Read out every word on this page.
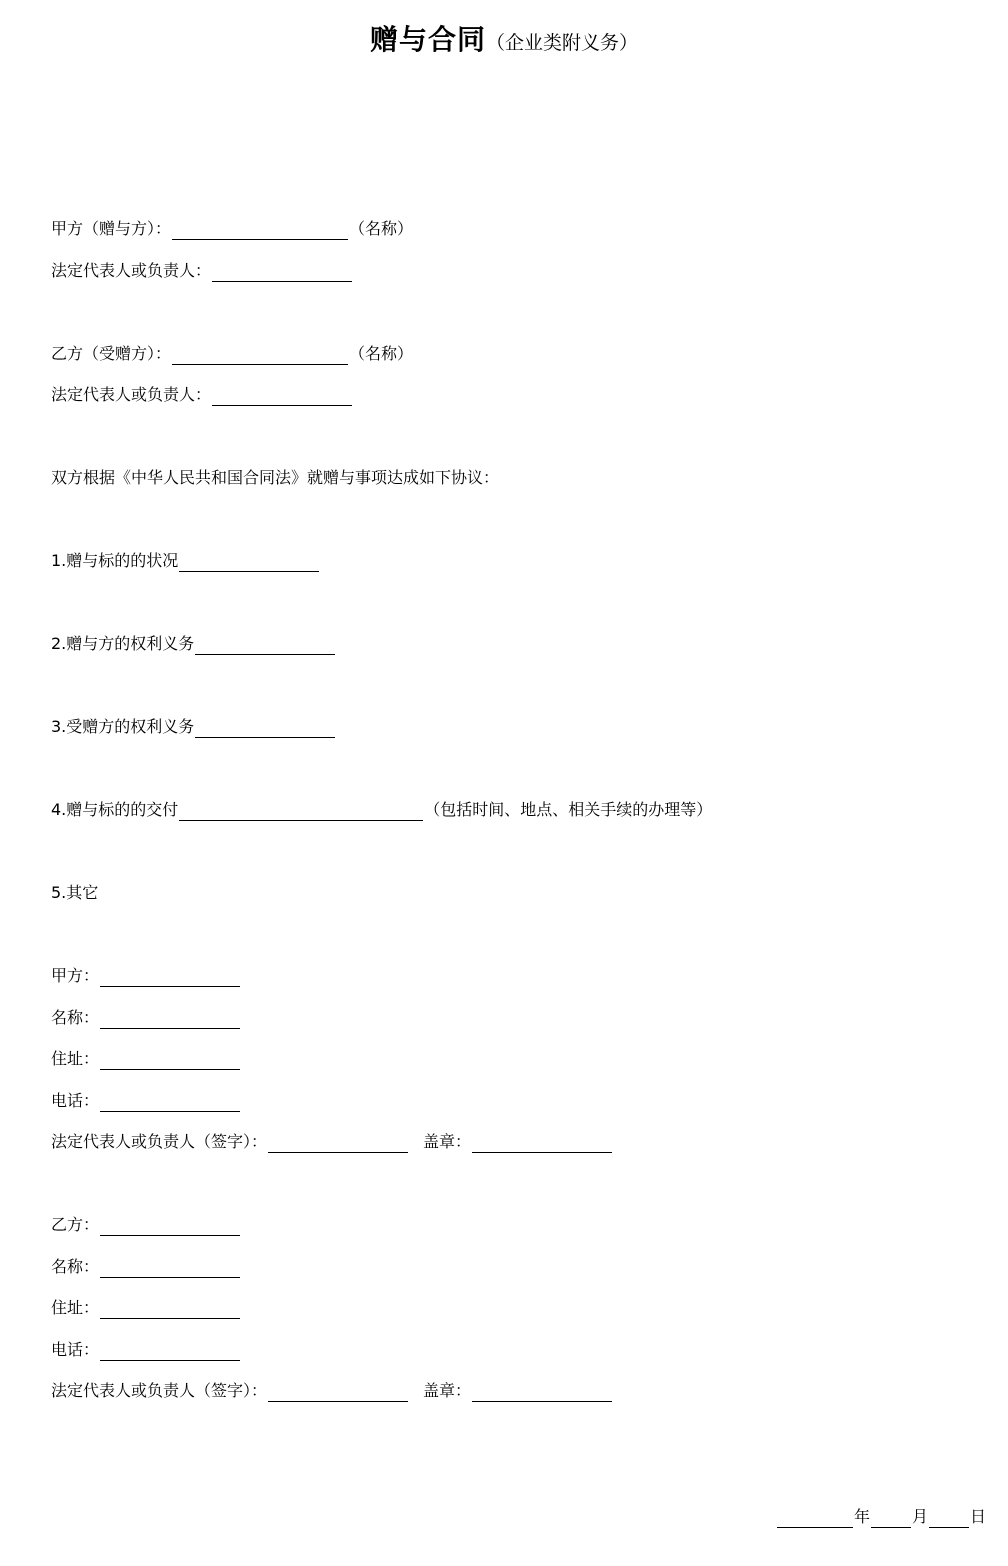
赠与合同（企业类附义务）
甲方（赠与方）：	（名称）
法定代表人或负责人：
乙方（受赠方）：	（名称）
法定代表人或负责人：
双方根据《中华人民共和国合同法》就赠与事项达成如下协议：
1.赠与标的的状况
2.赠与方的权利义务
3.受赠方的权利义务
4.赠与标的的交付	（包括时间、地点、相关手续的办理等）
5.其它
甲方：
名称：
住址：
电话：
法定代表人或负责人（签字）：	盖章：
乙方：
名称：
住址：
电话：
法定代表人或负责人（签字）：	盖章：
年	月	日
